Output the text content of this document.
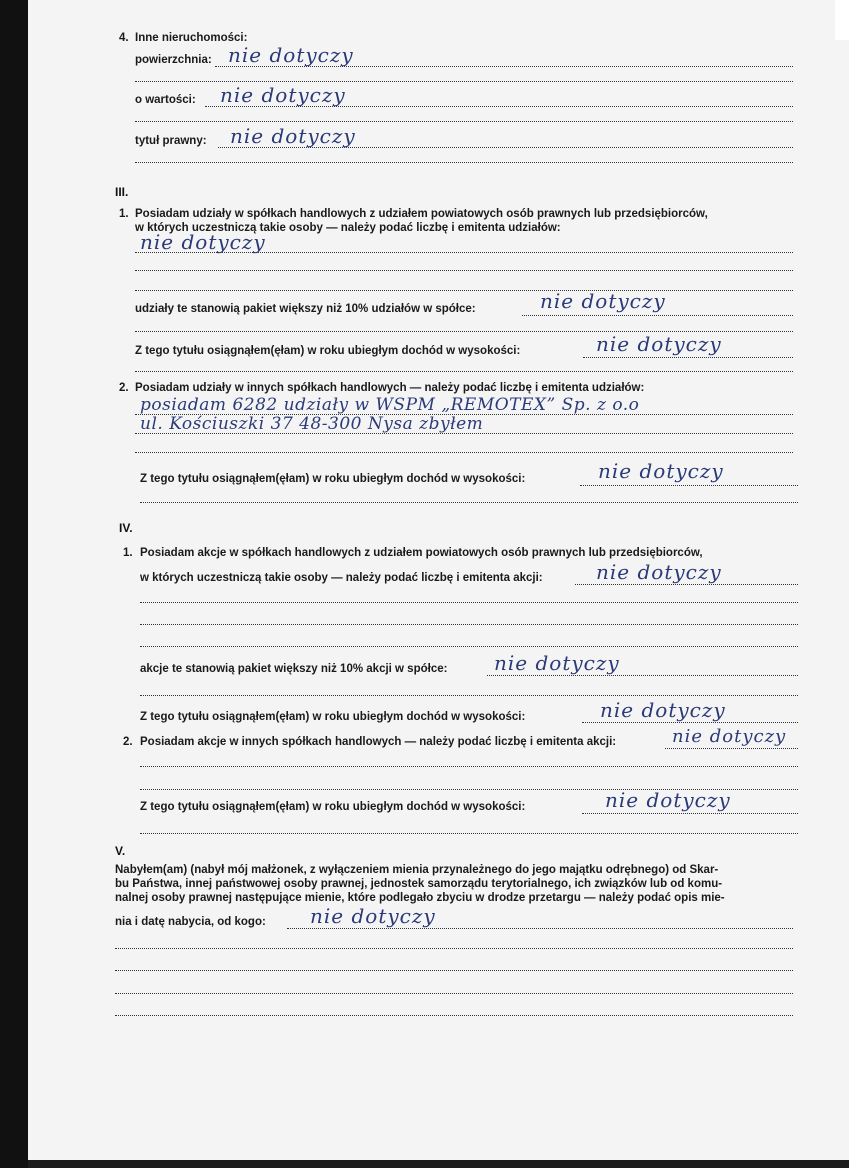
4. Inne nieruchomości:
powierzchnia: nie dotyczy
o wartości: nie dotyczy
tytuł prawny: nie dotyczy
III.
1. Posiadam udziały w spółkach handlowych z udziałem powiatowych osób prawnych lub przedsiębiorców,
w których uczestniczą takie osoby — należy podać liczbę i emitenta udziałów:
nie dotyczy
udziały te stanowią pakiet większy niż 10% udziałów w spółce:	nie dotyczy
Z tego tytułu osiągnąłem(ęłam) w roku ubiegłym dochód w wysokości:	nie dotyczy
2. Posiadam udziały w innych spółkach handlowych — należy podać liczbę i emitenta udziałów:
posiadam 6282 udziały w WSPM „REMOTEX” Sp. z o.o
ul. Kościuszki 37 48-300 Nysa zbyłem
Z tego tytułu osiągnąłem(ęłam) w roku ubiegłym dochód w wysokości:	nie dotyczy
IV.
1. Posiadam akcje w spółkach handlowych z udziałem powiatowych osób prawnych lub przedsiębiorców,
w których uczestniczą takie osoby — należy podać liczbę i emitenta akcji:	nie dotyczy
akcje te stanowią pakiet większy niż 10% akcji w spółce: nie dotyczy
Z tego tytułu osiągnąłem(ęłam) w roku ubiegłym dochód w wysokości:	nie dotyczy
2. Posiadam akcje w innych spółkach handlowych — należy podać liczbę i emitenta akcji:	nie dotyczy
Z tego tytułu osiągnąłem(ęłam) w roku ubiegłym dochód w wysokości:	nie dotyczy
V.
Nabyłem(am) (nabył mój małżonek, z wyłączeniem mienia przynależnego do jego majątku odrębnego) od Skar-
bu Państwa, innej państwowej osoby prawnej, jednostek samorządu terytorialnego, ich związków lub od komu-
nalnej osoby prawnej następujące mienie, które podlegało zbyciu w drodze przetargu — należy podać opis mie-
nia i datę nabycia, od kogo: nie dotyczy
